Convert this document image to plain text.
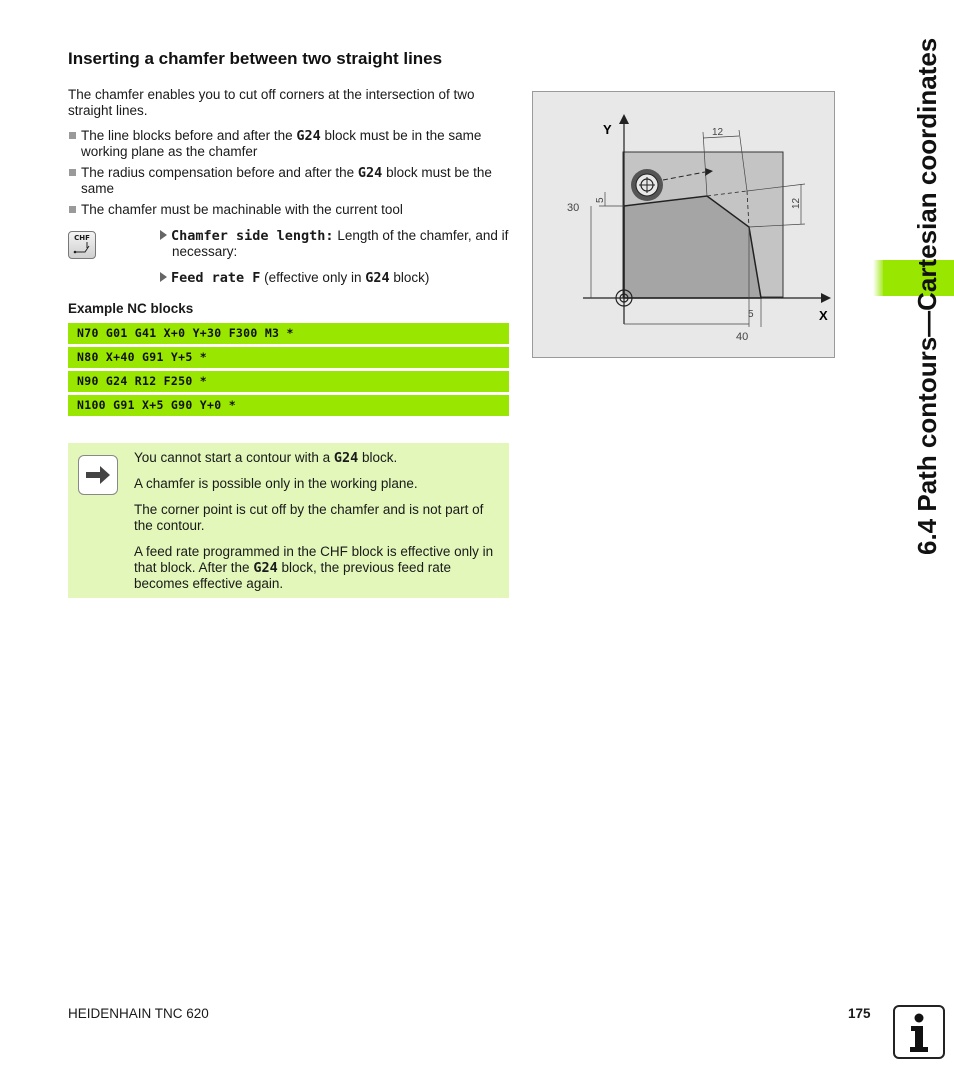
Inserting a chamfer between two straight lines

The chamfer enables you to cut off corners at the intersection of two straight lines.

The line blocks before and after the G24 block must be in the same working plane as the chamfer
The radius compensation before and after the G24 block must be the same
The chamfer must be machinable with the current tool
CHF	Chamfer side length: Length of the chamfer, and if necessary:
Feed rate F (effective only in G24 block)
Example NC blocks
N70 G01 G41 X+0 Y+30 F300 M3 *
N80 X+40 G91 Y+5 *
N90 G24 R12 F250 *
N100 G91 X+5 G90 Y+0 *

You cannot start a contour with a G24 block.

A chamfer is possible only in the working plane.

The corner point is cut off by the chamfer and is not part of the contour.

A feed rate programmed in the CHF block is effective only in that block. After the G24 block, the previous feed rate becomes effective again.

Y
X
12
12
5
30
5
40	6.4 Path contours—Cartesian coordinates
HEIDENHAIN TNC 620	175
